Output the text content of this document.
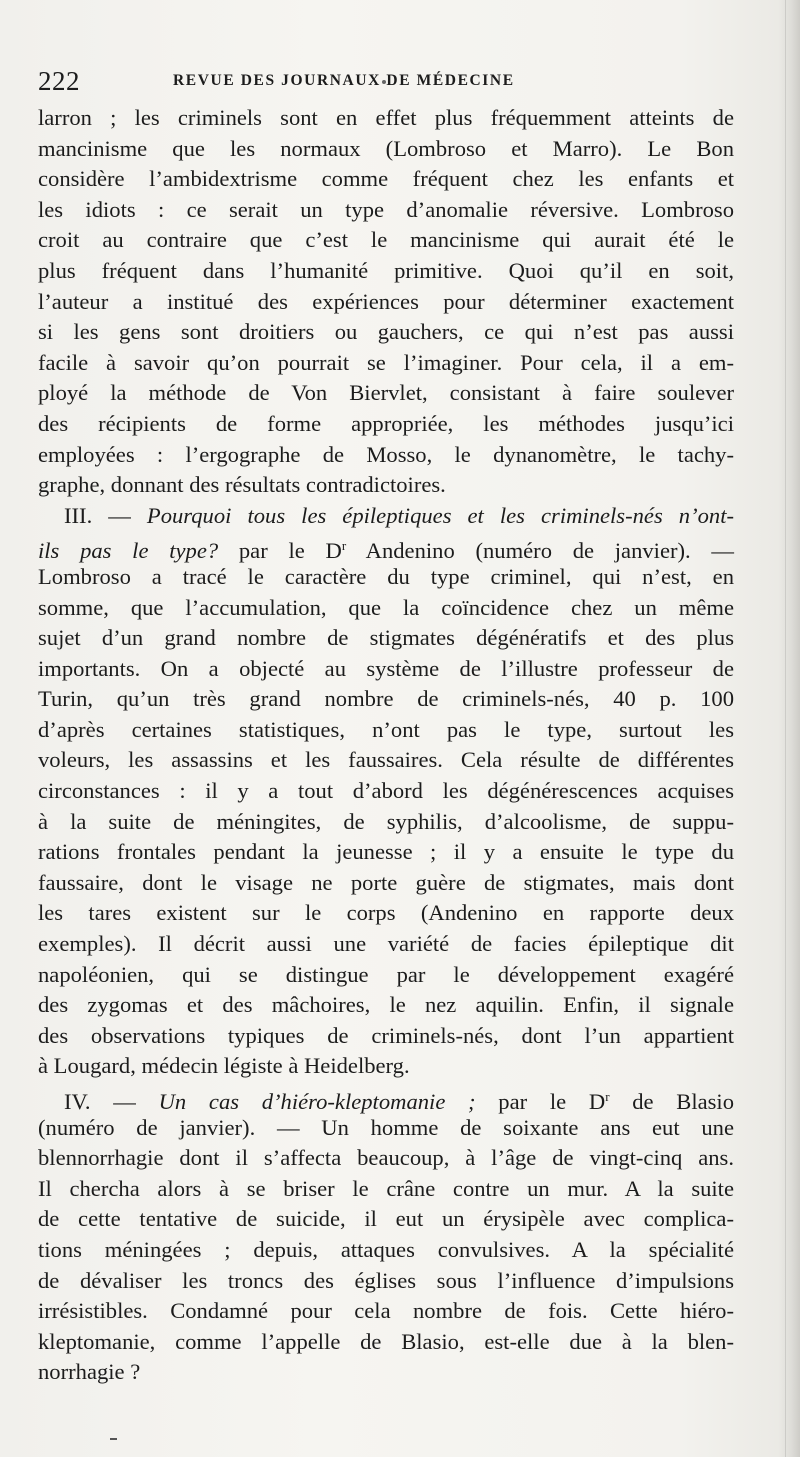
222	REVUE DES JOURNAUX DE MÉDECINE
larron ; les criminels sont en effet plus fréquemment atteints de
mancinisme que les normaux (Lombroso et Marro). Le Bon
considère l’ambidextrisme comme fréquent chez les enfants et
les idiots : ce serait un type d’anomalie réversive. Lombroso
croit au contraire que c’est le mancinisme qui aurait été le
plus fréquent dans l’humanité primitive. Quoi qu’il en soit,
l’auteur a institué des expériences pour déterminer exactement
si les gens sont droitiers ou gauchers, ce qui n’est pas aussi
facile à savoir qu’on pourrait se l’imaginer. Pour cela, il a em-
ployé la méthode de Von Biervlet, consistant à faire soulever
des récipients de forme appropriée, les méthodes jusqu’ici
employées : l’ergographe de Mosso, le dynanomètre, le tachy-
graphe, donnant des résultats contradictoires.
III. — Pourquoi tous les épileptiques et les criminels-nés n’ont-
ils pas le type? par le $D^r$ Andenino (numéro de janvier). —
Lombroso a tracé le caractère du type criminel, qui n’est, en
somme, que l’accumulation, que la coïncidence chez un même
sujet d’un grand nombre de stigmates dégénératifs et des plus
importants. On a objecté au système de l’illustre professeur de
Turin, qu’un très grand nombre de criminels-nés, 40 p. 100
d’après certaines statistiques, n’ont pas le type, surtout les
voleurs, les assassins et les faussaires. Cela résulte de différentes
circonstances : il y a tout d’abord les dégénérescences acquises
à la suite de méningites, de syphilis, d’alcoolisme, de suppu-
rations frontales pendant la jeunesse ; il y a ensuite le type du
faussaire, dont le visage ne porte guère de stigmates, mais dont
les tares existent sur le corps (Andenino en rapporte deux
exemples). Il décrit aussi une variété de facies épileptique dit
napoléonien, qui se distingue par le développement exagéré
des zygomas et des mâchoires, le nez aquilin. Enfin, il signale
des observations typiques de criminels-nés, dont l’un appartient
à Lougard, médecin légiste à Heidelberg.
IV. — Un cas d’hiéro-kleptomanie ; par le $D^r$ de Blasio
(numéro de janvier). — Un homme de soixante ans eut une
blennorrhagie dont il s’affecta beaucoup, à l’âge de vingt-cinq ans.
Il chercha alors à se briser le crâne contre un mur. A la suite
de cette tentative de suicide, il eut un érysipèle avec complica-
tions méningées ; depuis, attaques convulsives. A la spécialité
de dévaliser les troncs des églises sous l’influence d’impulsions
irrésistibles. Condamné pour cela nombre de fois. Cette hiéro-
kleptomanie, comme l’appelle de Blasio, est-elle due à la blen-
norrhagie ?
